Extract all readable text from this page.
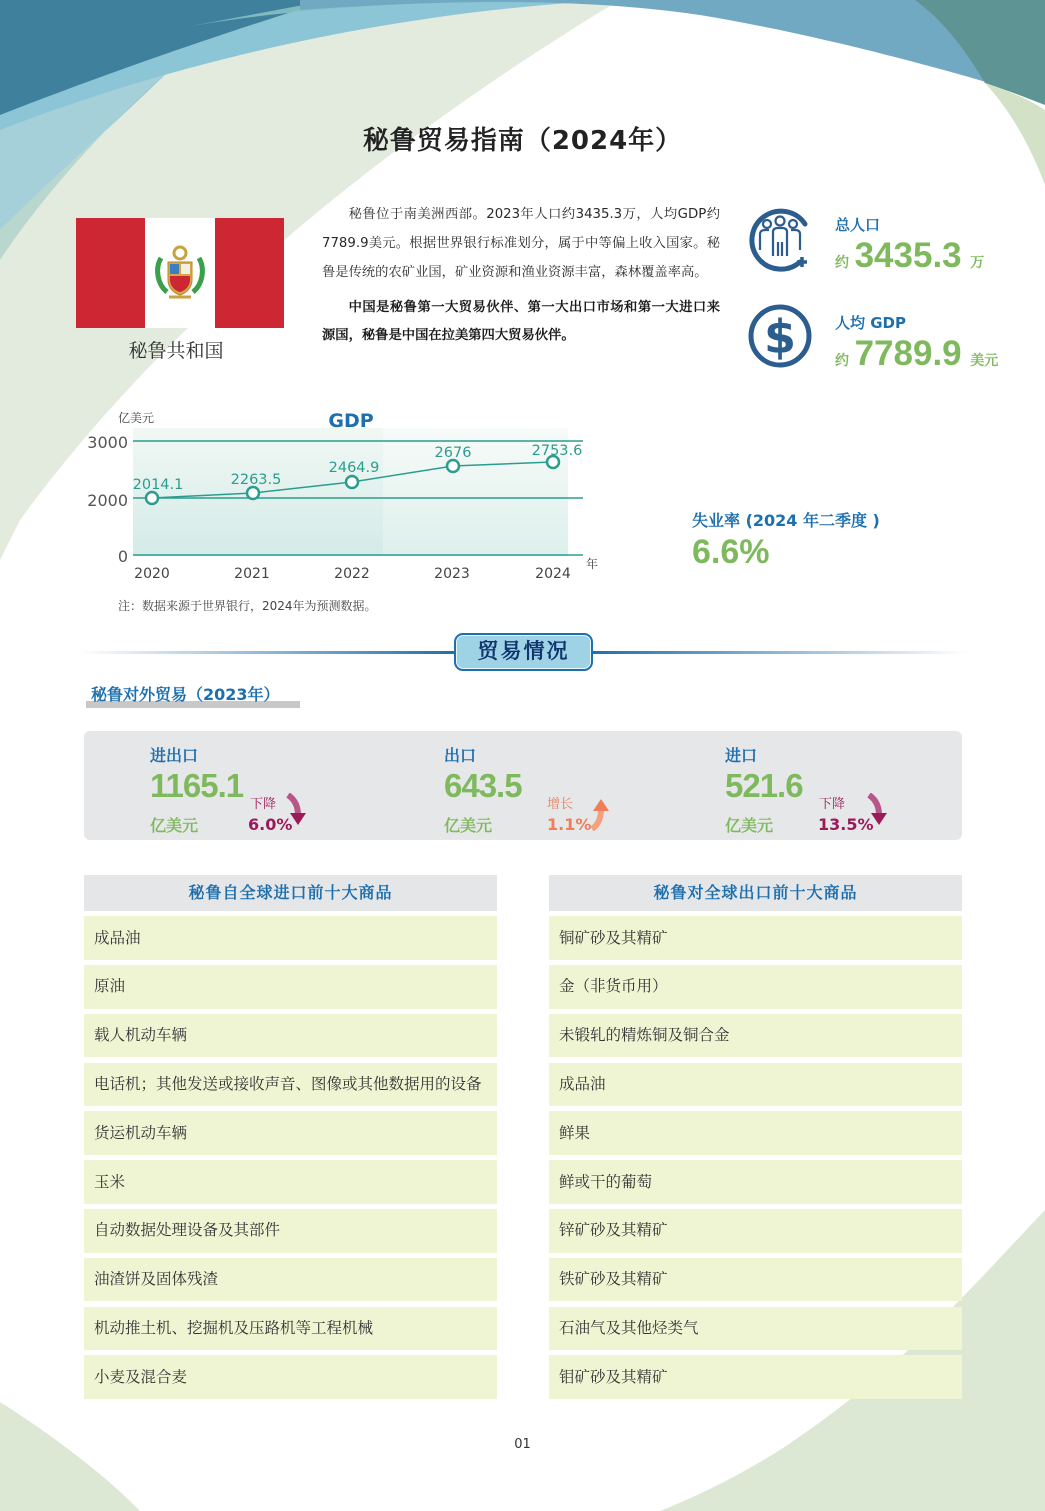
秘鲁贸易指南（2024年）
秘鲁共和国

秘鲁位于南美洲西部。2023年人口约3435.3万，人均GDP约7789.9美元。根据世界银行标准划分，属于中等偏上收入国家。秘鲁是传统的农矿业国，矿业资源和渔业资源丰富，森林覆盖率高。

中国是秘鲁第一大贸易伙伴、第一大出口市场和第一大进口来源国，秘鲁是中国在拉美第四大贸易伙伴。

总人口
约 3435.3 万
$	人均 GDP
约 7789.9 美元
亿美元	GDP
3000
2000
0
2014.1	2263.5
2464.9
2676	2753.6
2020	2021	2022	2023	2024
年
注：数据来源于世界银行，2024年为预测数据。
失业率 (2024 年二季度 )
6.6%
贸易情况
秘鲁对外贸易（2023年）
进出口
1165.1
亿美元
下降
6.0%
出口
643.5
亿美元
增长
1.1%
进口
521.6
亿美元
下降
13.5%
秘鲁自全球进口前十大商品
成品油
原油
载人机动车辆
电话机；其他发送或接收声音、图像或其他数据用的设备
货运机动车辆
玉米
自动数据处理设备及其部件
油渣饼及固体残渣
机动推土机、挖掘机及压路机等工程机械
小麦及混合麦
秘鲁对全球出口前十大商品
铜矿砂及其精矿
金（非货币用）
未锻轧的精炼铜及铜合金
成品油
鲜果
鲜或干的葡萄
锌矿砂及其精矿
铁矿砂及其精矿
石油气及其他烃类气
钼矿砂及其精矿
01
